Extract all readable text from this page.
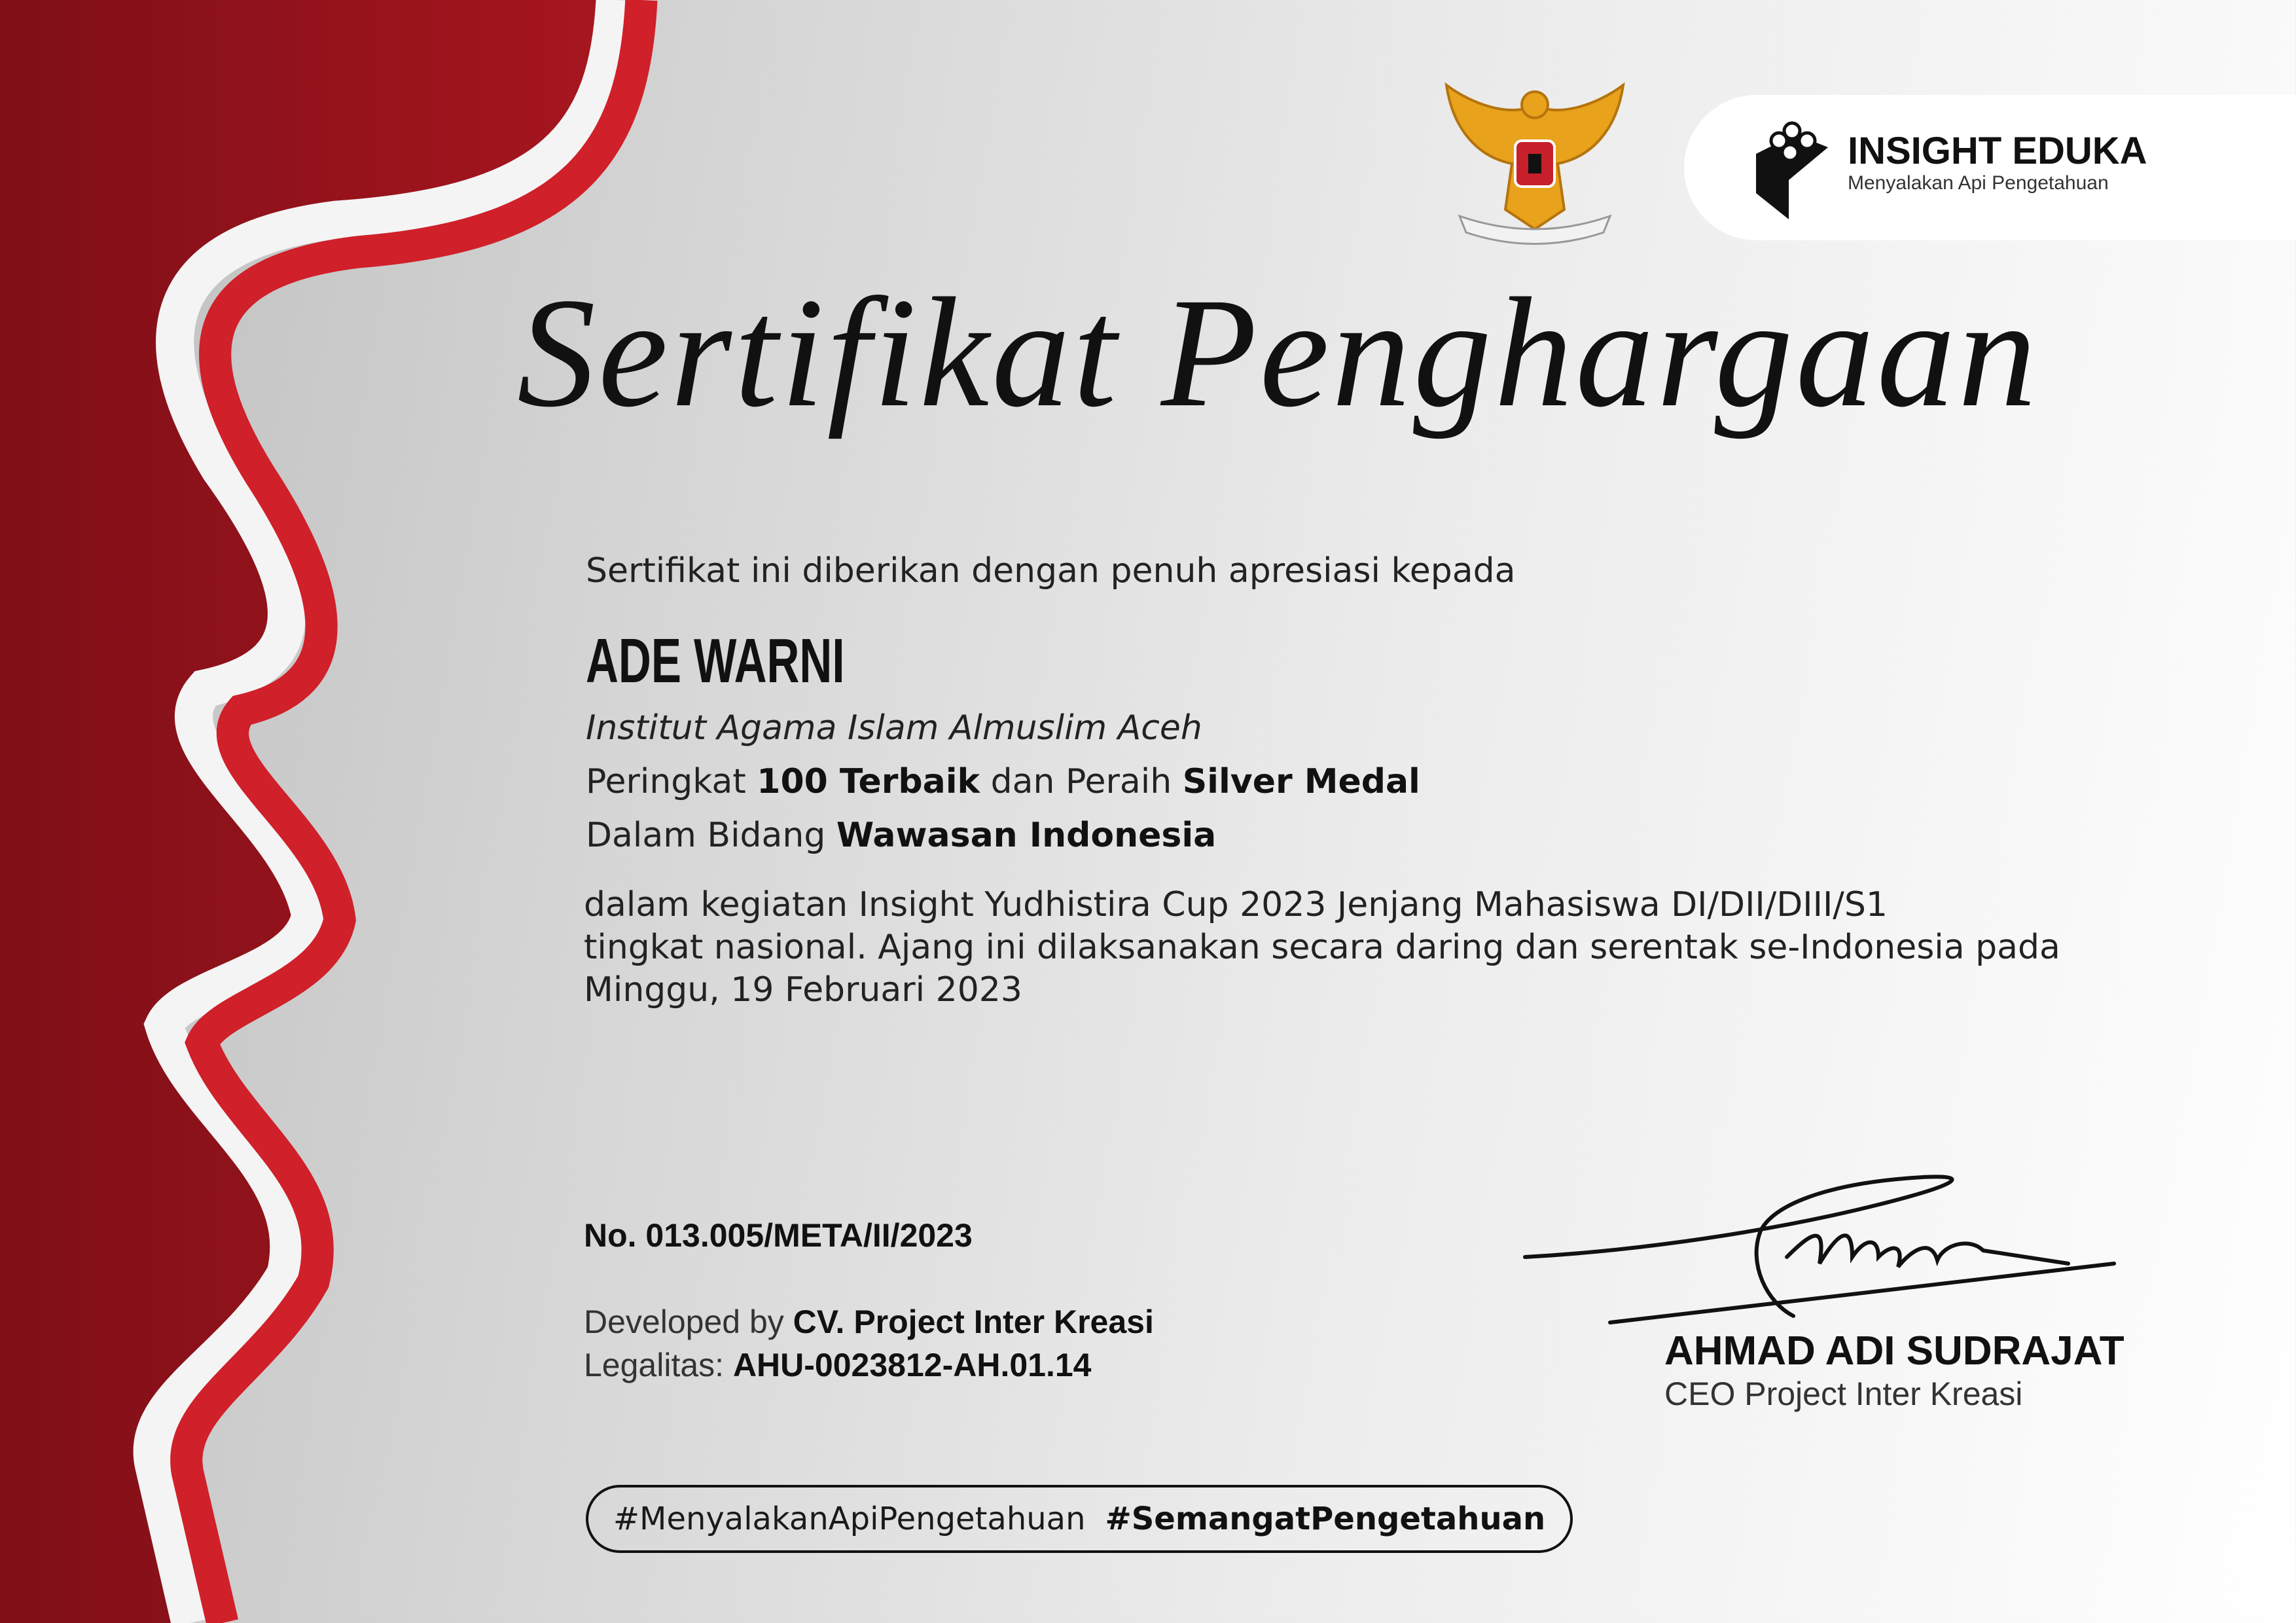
INSIGHT EDUKA
Menyalakan Api Pengetahuan
Sertifikat Penghargaan
Sertifikat ini diberikan dengan penuh apresiasi kepada
ADE WARNI
Institut Agama Islam Almuslim Aceh
Peringkat 100 Terbaik dan Peraih Silver Medal
Dalam Bidang Wawasan Indonesia
dalam kegiatan Insight Yudhistira Cup 2023 Jenjang Mahasiswa DI/DII/DIII/S1
tingkat nasional. Ajang ini dilaksanakan secara daring dan serentak se-Indonesia pada
Minggu, 19 Februari 2023
No. 013.005/META/II/2023
Developed by CV. Project Inter Kreasi
Legalitas: AHU-0023812-AH.01.14	AHMAD ADI SUDRAJAT
CEO Project Inter Kreasi
#MenyalakanApiPengetahuan #SemangatPengetahuan
